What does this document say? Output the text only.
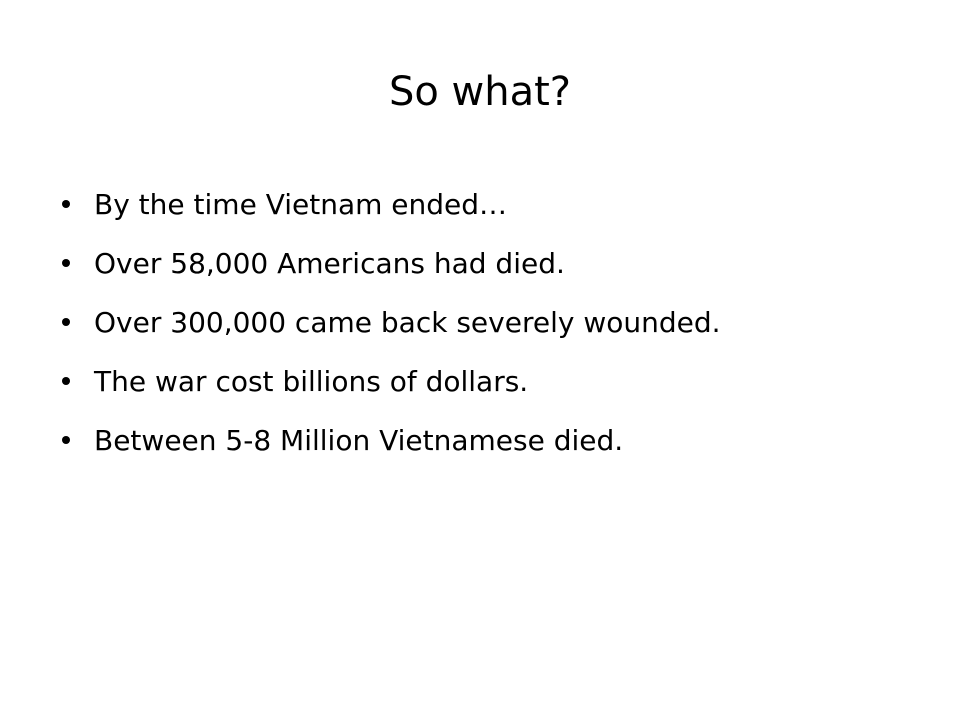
So what?
By the time Vietnam ended…
Over 58,000 Americans had died.
Over 300,000 came back severely wounded.
The war cost billions of dollars.
Between 5-8 Million Vietnamese died.
